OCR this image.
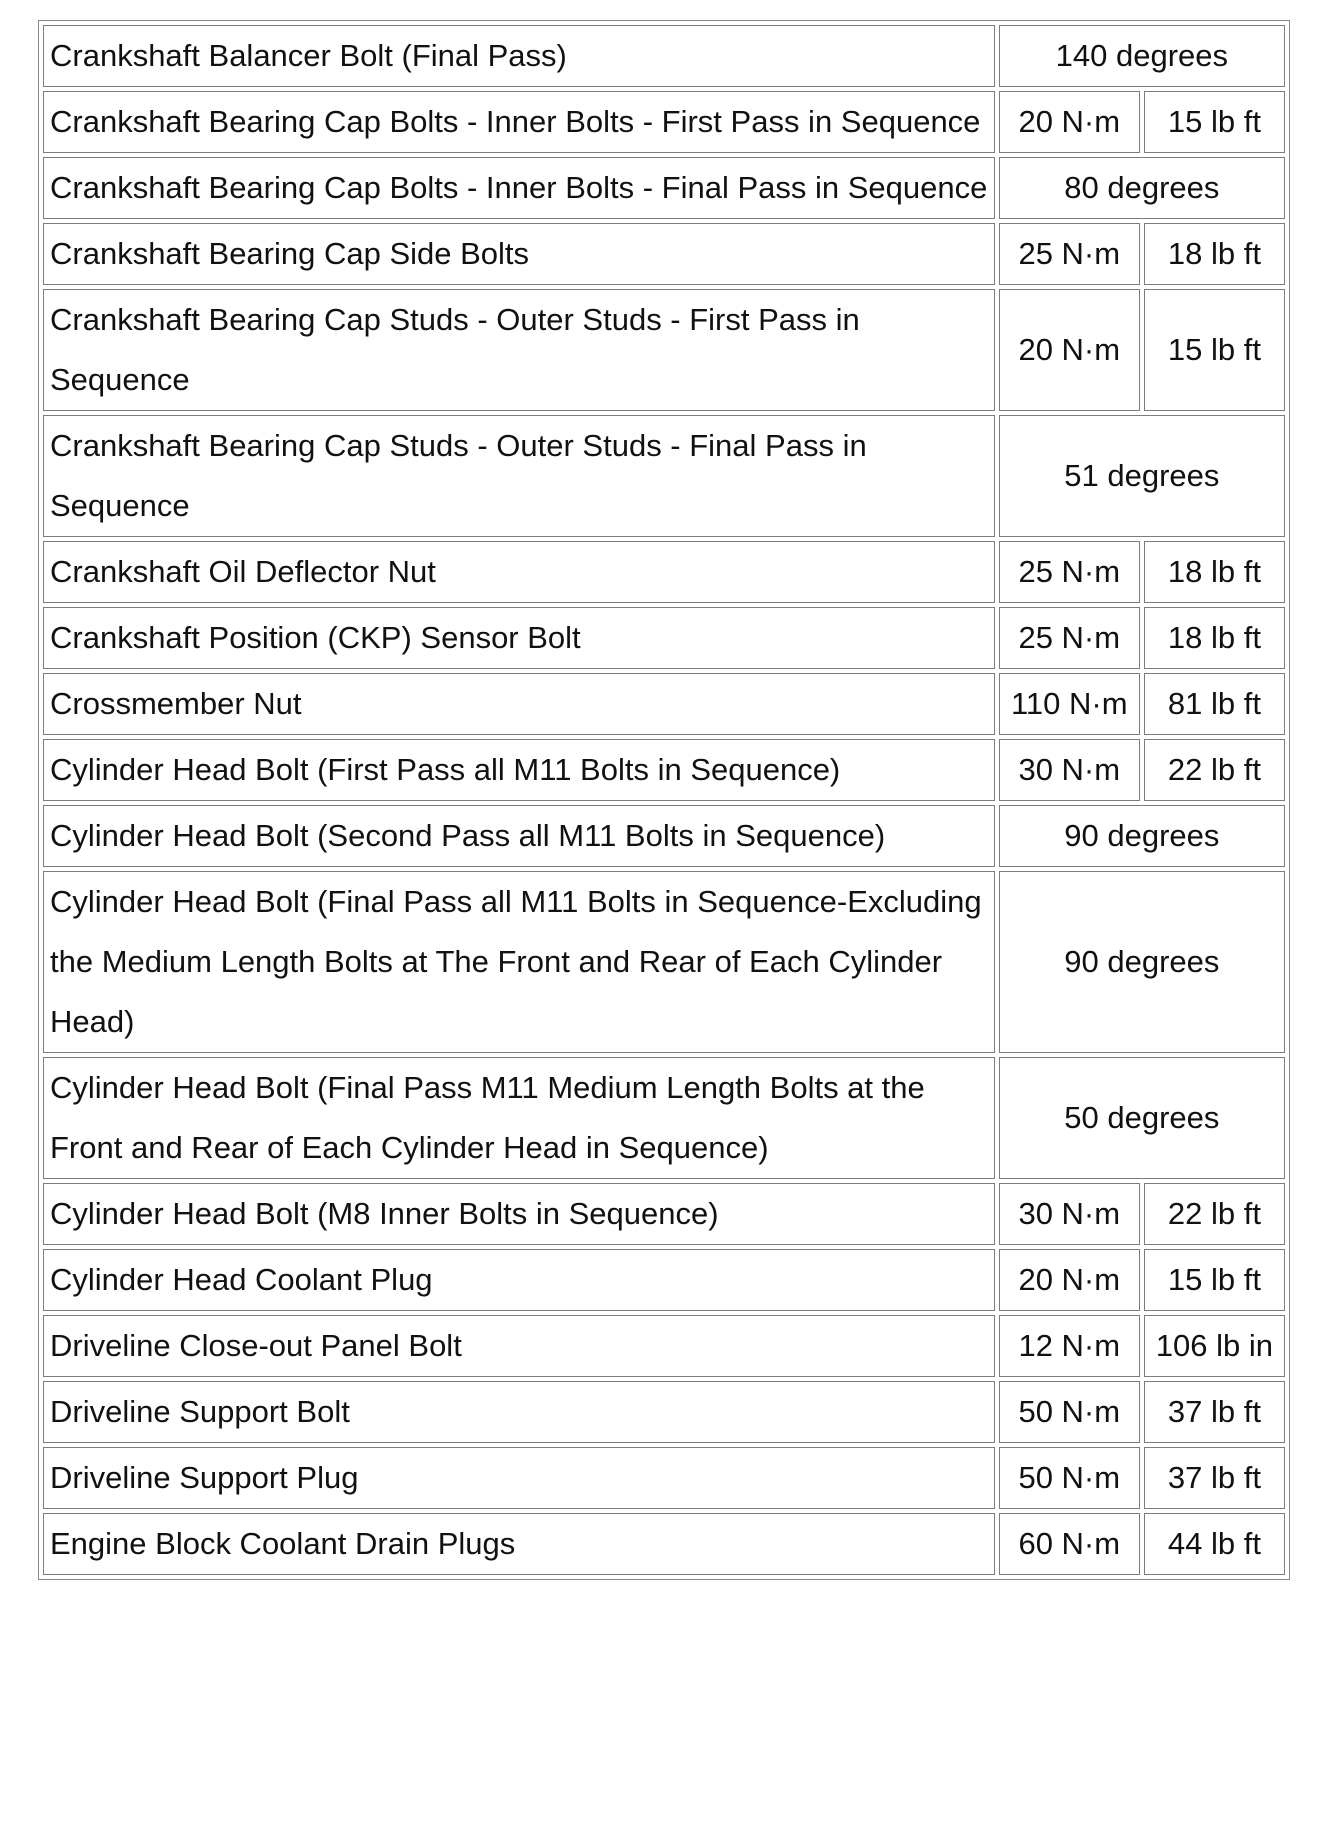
Crankshaft Balancer Bolt (Final Pass)	140 degrees	
Crankshaft Bearing Cap Bolts - Inner Bolts - First Pass in Sequence	20 N·m	15 lb ft
Crankshaft Bearing Cap Bolts - Inner Bolts - Final Pass in Sequence	80 degrees	
Crankshaft Bearing Cap Side Bolts	25 N·m	18 lb ft
Crankshaft Bearing Cap Studs - Outer Studs - First Pass in Sequence	20 N·m	15 lb ft
Crankshaft Bearing Cap Studs - Outer Studs - Final Pass in Sequence	51 degrees	
Crankshaft Oil Deflector Nut	25 N·m	18 lb ft
Crankshaft Position (CKP) Sensor Bolt	25 N·m	18 lb ft
Crossmember Nut	110 N·m	81 lb ft
Cylinder Head Bolt (First Pass all M11 Bolts in Sequence)	30 N·m	22 lb ft
Cylinder Head Bolt (Second Pass all M11 Bolts in Sequence)	90 degrees	
Cylinder Head Bolt (Final Pass all M11 Bolts in Sequence-Excluding the Medium Length Bolts at The Front and Rear of Each Cylinder Head)	90 degrees	
Cylinder Head Bolt (Final Pass M11 Medium Length Bolts at the Front and Rear of Each Cylinder Head in Sequence)	50 degrees	
Cylinder Head Bolt (M8 Inner Bolts in Sequence)	30 N·m	22 lb ft
Cylinder Head Coolant Plug	20 N·m	15 lb ft
Driveline Close-out Panel Bolt	12 N·m	106 lb in
Driveline Support Bolt	50 N·m	37 lb ft
Driveline Support Plug	50 N·m	37 lb ft
Engine Block Coolant Drain Plugs	60 N·m	44 lb ft
